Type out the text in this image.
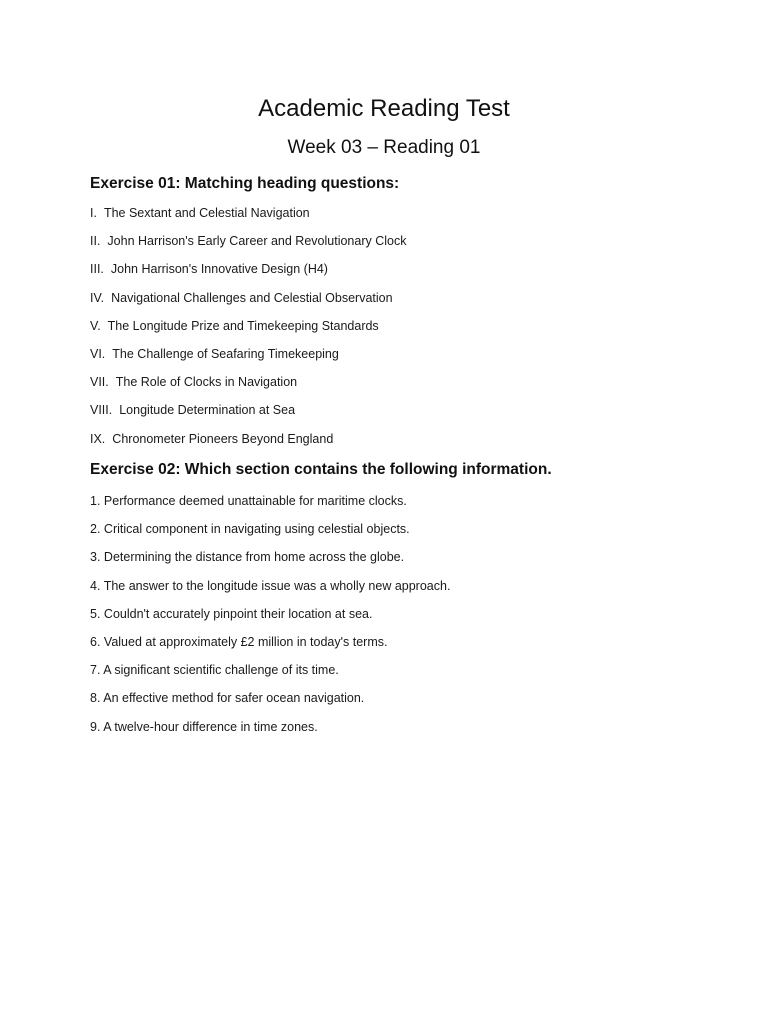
Academic Reading Test
Week 03 – Reading 01
Exercise 01: Matching heading questions:
I. The Sextant and Celestial Navigation
II. John Harrison's Early Career and Revolutionary Clock
III. John Harrison's Innovative Design (H4)
IV. Navigational Challenges and Celestial Observation
V. The Longitude Prize and Timekeeping Standards
VI. The Challenge of Seafaring Timekeeping
VII. The Role of Clocks in Navigation
VIII. Longitude Determination at Sea
IX. Chronometer Pioneers Beyond England
Exercise 02: Which section contains the following information.
1. Performance deemed unattainable for maritime clocks.
2. Critical component in navigating using celestial objects.
3. Determining the distance from home across the globe.
4. The answer to the longitude issue was a wholly new approach.
5. Couldn't accurately pinpoint their location at sea.
6. Valued at approximately £2 million in today's terms.
7. A significant scientific challenge of its time.
8. An effective method for safer ocean navigation.
9. A twelve-hour difference in time zones.
